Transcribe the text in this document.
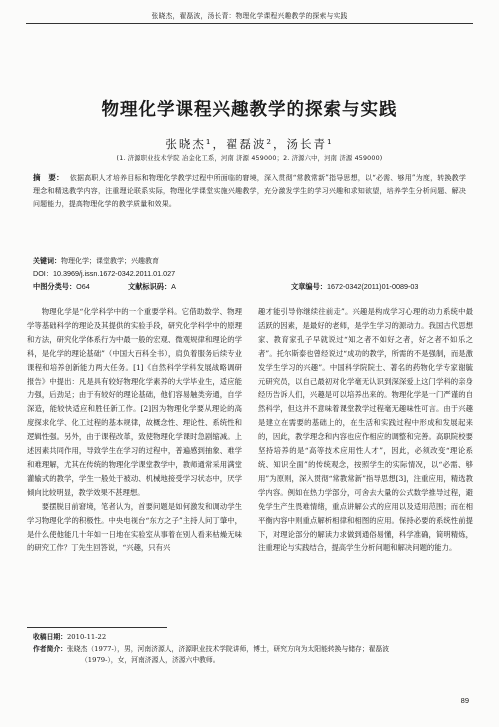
张晓杰，翟磊波，汤长青：物理化学课程兴趣教学的探索与实践
物理化学课程兴趣教学的探索与实践
张晓杰¹，翟磊波²，汤长青¹
(1. 济源职业技术学院 冶金化工系，河南 济源 459000；2. 济源六中，河南 济源 459000)
摘　要： 依据高职人才培养目标和物理化学教学过程中所面临的窘境，深入贯彻“常教常新”指导思想，以“必需、够用”为度，转换教学理念和精选教学内容，注重理论联系实际，物理化学课堂实施兴趣教学，充分激发学生的学习兴趣和求知欲望，培养学生分析问题、解决问题能力，提高物理化学的教学质量和效果。
关键词：物理化学；课堂教学；兴趣教育
DOI：10.3969/j.issn.1672-0342.2011.01.027
中图分类号：O64	文献标识码：A	文章编号：1672-0342(2011)01-0089-03

物理化学是“化学科学中的一个重要学科。它借助数学、物理学等基础科学的理论及其提供的实验手段，研究化学科学中的原理和方法，研究化学体系行为中最一般的宏观、微观规律和理论的学科，是化学的理论基础”（中国大百科全书），肩负着服务后续专业课程和培养创新能力两大任务。[1]《自然科学学科发展战略调研报告》中提出：凡是具有较好物理化学素养的大学毕业生，适应能力强，后劲足；由于有较好的理论基础，他们容易触类旁通，自学深造，能较快适应和胜任新工作。[2]因为物理化学要从理论的高度探求化学、化工过程的基本规律，故概念性、理论性、系统性和逻辑性强。另外，由于课程改革，致使物理化学课时急剧缩减。上述因素共同作用，导致学生在学习的过程中，普遍感到抽象、难学和难理解，尤其在传统的物理化学课堂教学中，教师通常采用满堂灌输式的教学，学生一般处于被动、机械地接受学习状态中，厌学倾向比较明显，教学效果不甚理想。

要摆脱目前窘境，笔者认为，首要问题是如何激发和调动学生学习物理化学的积极性。中央电视台“东方之子”主持人问丁肇中，是什么使他能几十年如一日地在实验室从事着在别人看来枯燥无味的研究工作？丁先生回答说，“兴趣，只有兴

趣才能引导你继续往前走”。兴趣是构成学习心理的动力系统中最活跃的因素，是最好的老师，是学生学习的源动力。我国古代思想家、教育家孔子早就说过“知之者不如好之者，好之者不如乐之者”。托尔斯泰也曾经说过“成功的教学，所需的不是强制，而是激发学生学习的兴趣”。中国科学院院士、著名的药物化学专家谢毓元研究员，以自己最初对化学毫无认识到深深爱上这门学科的亲身经历告诉人们，兴趣是可以培养出来的。物理化学是一门严谨的自然科学，但这并不意味着课堂教学过程毫无趣味性可言。由于兴趣是建立在需要的基础上的，在生活和实践过程中形成和发展起来的，因此，教学理念和内容也应作相应的调整和完善。高职院校要坚持培养的是“高等技术应用性人才”，因此，必须改变“理论系统、知识全面”的传统观念，按照学生的实际情况，以“必需、够用”为原则，深入贯彻“常教常新”指导思想[3]，注重应用，精选教学内容。例如在热力学部分，可舍去大量的公式数学推导过程，避免学生产生畏难情绪，重点讲解公式的应用以及适用范围；而在相平衡内容中则重点解析相律和相图的应用。保持必要的系统性前提下，对理论部分的解读力求做到通俗易懂，科学准确，简明精炼，注重理论与实践结合，提高学生分析问题和解决问题的能力。

收稿日期：2010-11-22
作者简介：张晓杰（1977-），男，河南济源人，济源职业技术学院讲师，博士，研究方向为太阳能转换与储存；翟磊波
（1979-），女，河南济源人，济源六中教师。
89
